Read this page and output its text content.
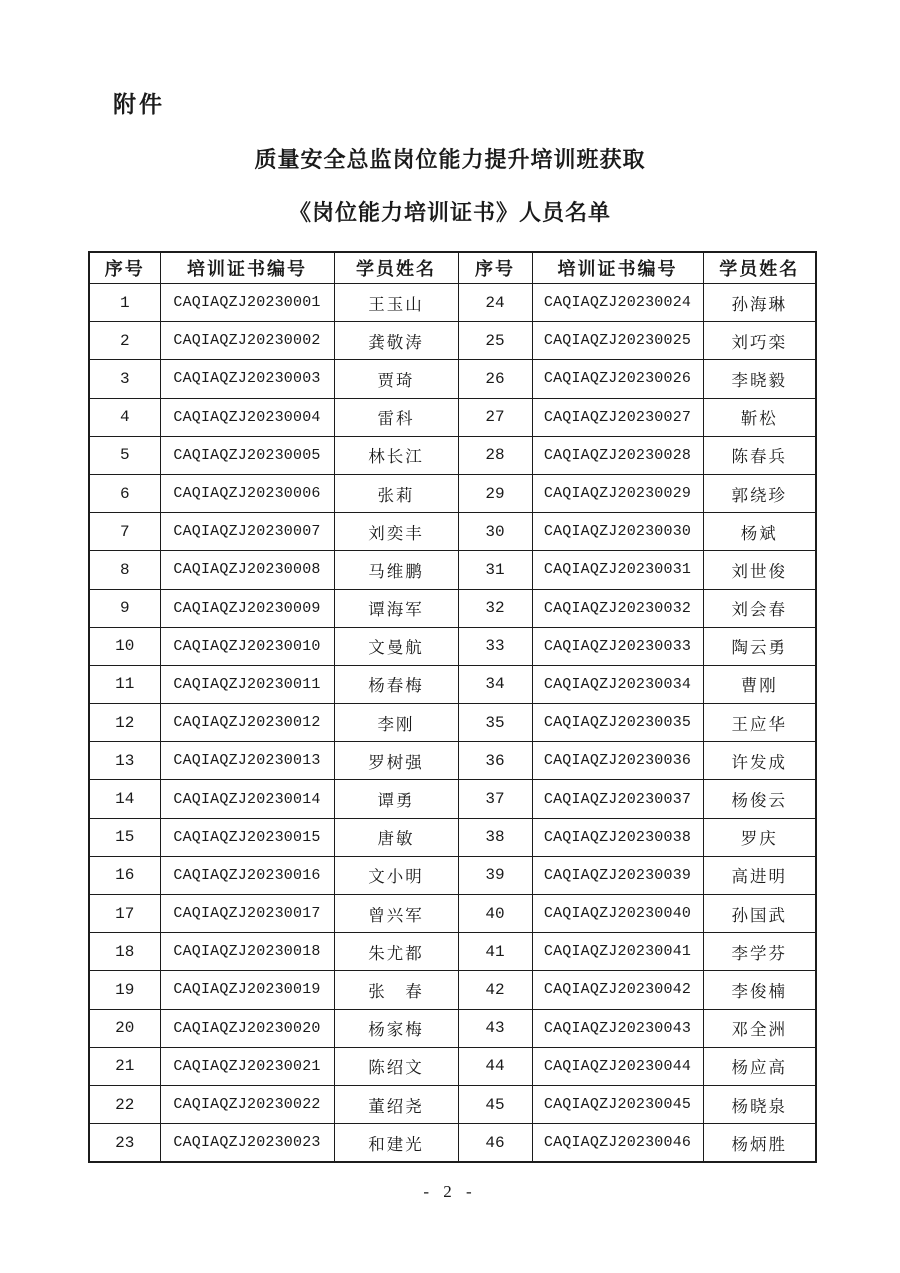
附件
质量安全总监岗位能力提升培训班获取
《岗位能力培训证书》人员名单
序号	培训证书编号	学员姓名	序号	培训证书编号	学员姓名
1	CAQIAQZJ20230001	王玉山	24	CAQIAQZJ20230024	孙海琳
2	CAQIAQZJ20230002	龚敬涛	25	CAQIAQZJ20230025	刘巧栾
3	CAQIAQZJ20230003	贾琦	26	CAQIAQZJ20230026	李晓毅
4	CAQIAQZJ20230004	雷科	27	CAQIAQZJ20230027	靳松
5	CAQIAQZJ20230005	林长江	28	CAQIAQZJ20230028	陈春兵
6	CAQIAQZJ20230006	张莉	29	CAQIAQZJ20230029	郭绕珍
7	CAQIAQZJ20230007	刘奕丰	30	CAQIAQZJ20230030	杨斌
8	CAQIAQZJ20230008	马维鹏	31	CAQIAQZJ20230031	刘世俊
9	CAQIAQZJ20230009	谭海军	32	CAQIAQZJ20230032	刘会春
10	CAQIAQZJ20230010	文曼航	33	CAQIAQZJ20230033	陶云勇
11	CAQIAQZJ20230011	杨春梅	34	CAQIAQZJ20230034	曹刚
12	CAQIAQZJ20230012	李刚	35	CAQIAQZJ20230035	王应华
13	CAQIAQZJ20230013	罗树强	36	CAQIAQZJ20230036	许发成
14	CAQIAQZJ20230014	谭勇	37	CAQIAQZJ20230037	杨俊云
15	CAQIAQZJ20230015	唐敏	38	CAQIAQZJ20230038	罗庆
16	CAQIAQZJ20230016	文小明	39	CAQIAQZJ20230039	高进明
17	CAQIAQZJ20230017	曾兴军	40	CAQIAQZJ20230040	孙国武
18	CAQIAQZJ20230018	朱尤都	41	CAQIAQZJ20230041	李学芬
19	CAQIAQZJ20230019	张　春	42	CAQIAQZJ20230042	李俊楠
20	CAQIAQZJ20230020	杨家梅	43	CAQIAQZJ20230043	邓全洲
21	CAQIAQZJ20230021	陈绍文	44	CAQIAQZJ20230044	杨应高
22	CAQIAQZJ20230022	董绍尧	45	CAQIAQZJ20230045	杨晓泉
23	CAQIAQZJ20230023	和建光	46	CAQIAQZJ20230046	杨炳胜
- 2 -
